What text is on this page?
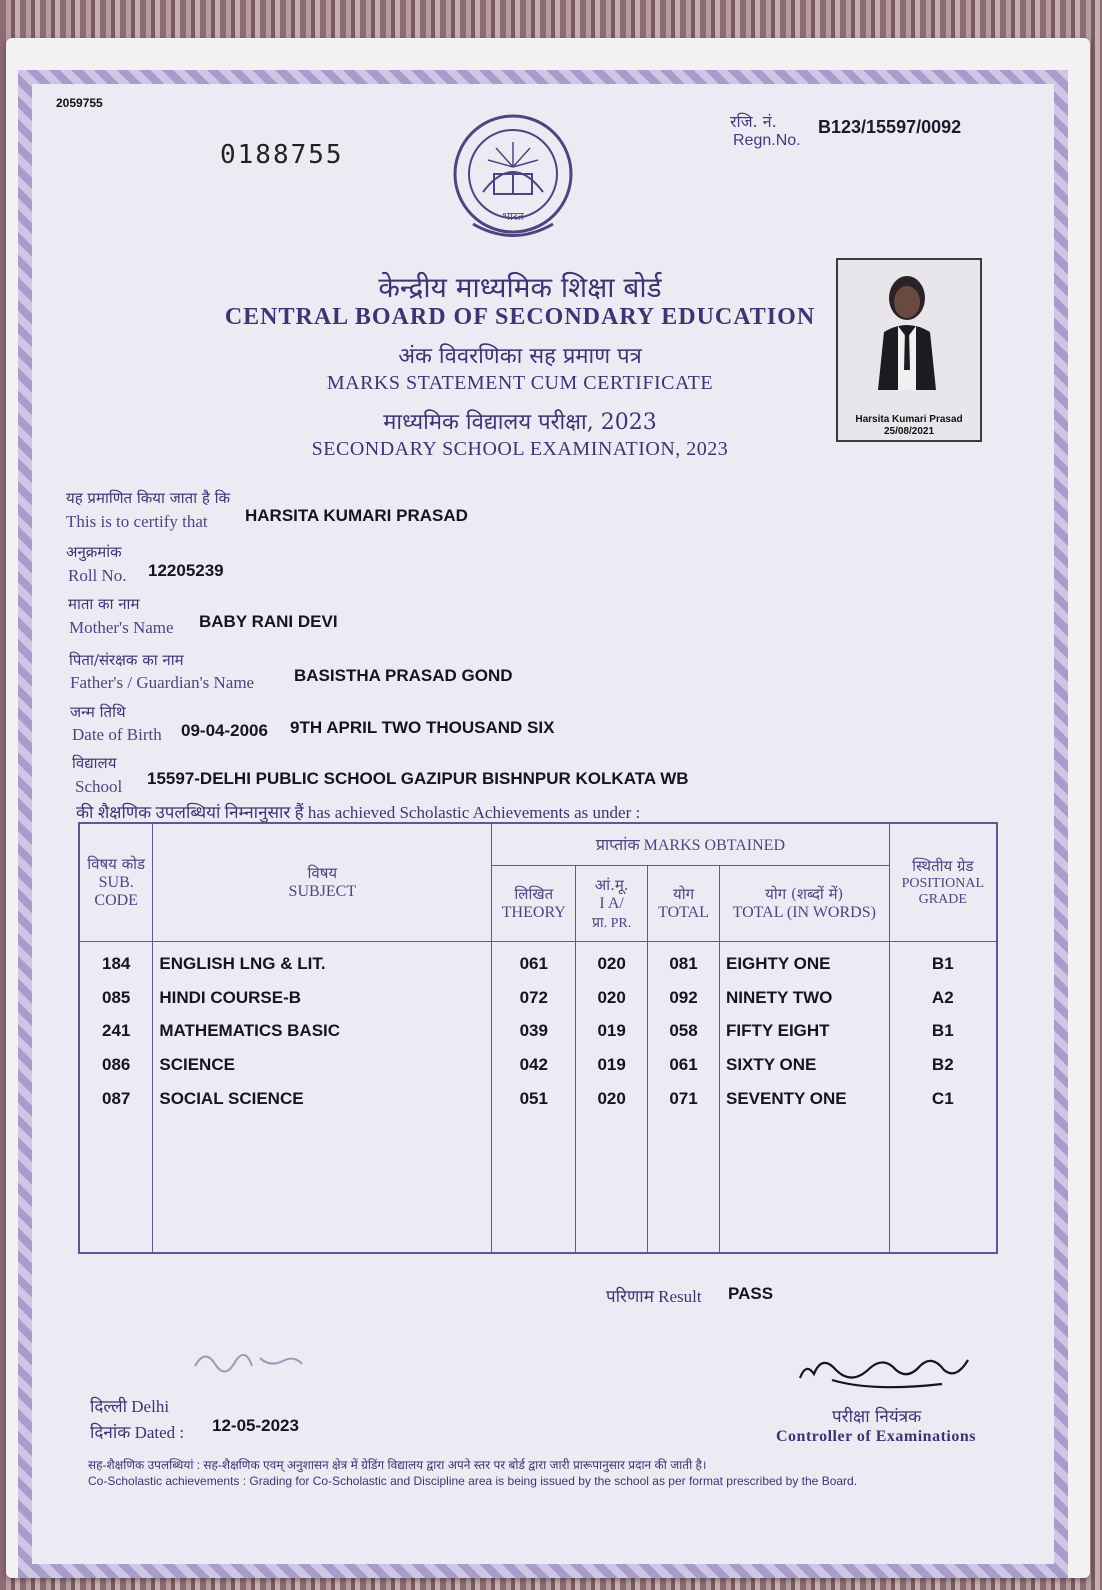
2059755
0188755
रजि. नं.
Regn.No.
B123/15597/0092
भारत
केन्द्रीय माध्यमिक शिक्षा बोर्ड
CENTRAL BOARD OF SECONDARY EDUCATION
अंक विवरणिका सह प्रमाण पत्र
MARKS STATEMENT CUM CERTIFICATE
माध्यमिक विद्यालय परीक्षा, 2023
SECONDARY SCHOOL EXAMINATION, 2023
Harsita Kumari Prasad
25/08/2021
यह प्रमाणित किया जाता है कि
This is to certify that HARSITA KUMARI PRASAD
अनुक्रमांक
Roll No. 12205239
माता का नाम
Mother's Name BABY RANI DEVI
पिता/संरक्षक का नाम
Father's / Guardian's Name BASISTHA PRASAD GOND
जन्म तिथि
Date of Birth 09-04-2006 9TH APRIL TWO THOUSAND SIX
विद्यालय
School 15597-DELHI PUBLIC SCHOOL GAZIPUR BISHNPUR KOLKATA WB
की शैक्षणिक उपलब्धियां निम्नानुसार हैं has achieved Scholastic Achievements as under :
विषय कोड
SUB.
CODE	विषय
SUBJECT	प्राप्तांक MARKS OBTAINED				स्थितीय ग्रेड
POSITIONAL
GRADE

		लिखित
THEORY	आं.मू.
I A/
प्रा. PR.	योग
TOTAL	योग (शब्दों में)
TOTAL (IN WORDS)	

184	ENGLISH LNG & LIT.	061	020	081	EIGHTY ONE	B1
085	HINDI COURSE-B	072	020	092	NINETY TWO	A2
241	MATHEMATICS BASIC	039	019	058	FIFTY EIGHT	B1
086	SCIENCE	042	019	061	SIXTY ONE	B2
087	SOCIAL SCIENCE	051	020	071	SEVENTY ONE	C1

परिणाम Result PASS
दिल्ली Delhi
दिनांक Dated : 12-05-2023	परीक्षा नियंत्रक
Controller of Examinations
सह-शैक्षणिक उपलब्धियां : सह-शैक्षणिक एवम् अनुशासन क्षेत्र में ग्रेडिंग विद्यालय द्वारा अपने स्तर पर बोर्ड द्वारा जारी प्रारूपानुसार प्रदान की जाती है।
Co-Scholastic achievements : Grading for Co-Scholastic and Discipline area is being issued by the school as per format prescribed by the Board.
